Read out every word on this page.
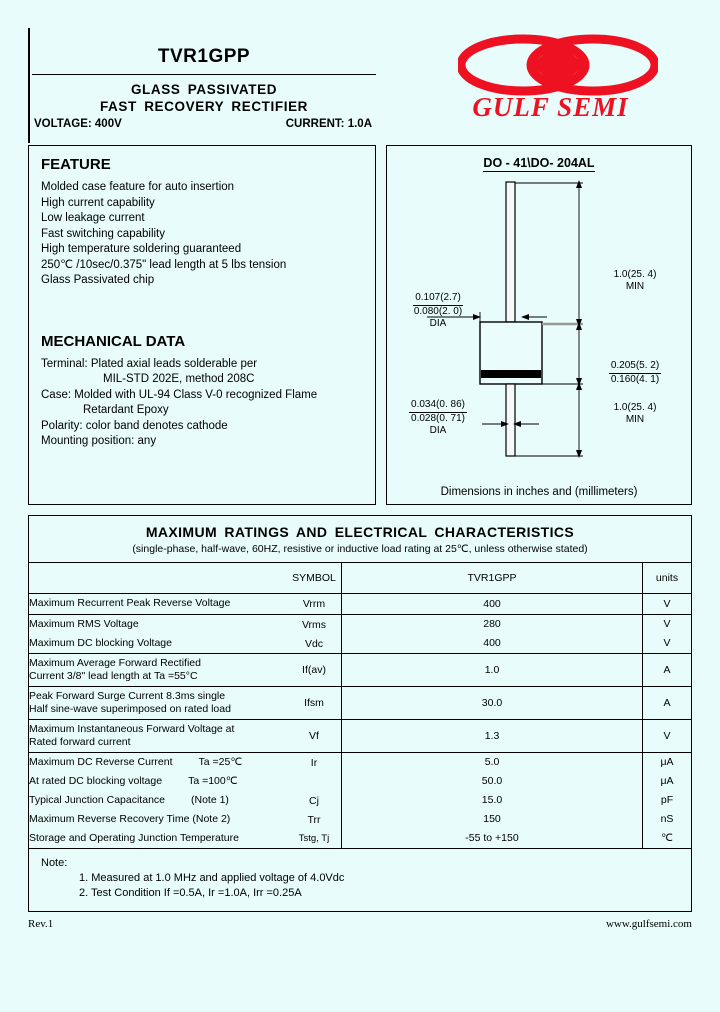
TVR1GPP
GLASS PASSIVATED
FAST RECOVERY RECTIFIER
VOLTAGE: 400V	CURRENT: 1.0A
GULF SEMI
FEATURE
Molded case feature for auto insertion
High current capability
Low leakage current
Fast switching capability
High temperature soldering guaranteed
250℃ /10sec/0.375" lead length at 5 lbs tension
Glass Passivated chip
MECHANICAL DATA
Terminal: Plated axial leads solderable per
MIL-STD 202E, method 208C
Case: Molded with UL-94 Class V-0 recognized Flame
Retardant Epoxy
Polarity: color band denotes cathode
Mounting position: any
DO - 41\DO- 204AL
1.0(25. 4)
MIN
0.205(5. 2)
0.160(4. 1)
1.0(25. 4)
MIN
0.107(2.7)
0.080(2. 0)
DIA
0.034(0. 86)
0.028(0. 71)
DIA
Dimensions in inches and (millimeters)
MAXIMUM RATINGS AND ELECTRICAL CHARACTERISTICS
(single-phase, half-wave, 60HZ, resistive or inductive load rating at 25℃, unless otherwise stated)
	SYMBOL	TVR1GPP	units
Maximum Recurrent Peak Reverse Voltage	Vrrm	400	V
Maximum RMS Voltage	Vrms	280	V
Maximum DC blocking Voltage	Vdc	400	V

Maximum Average Forward Rectified
Current 3/8" lead length at Ta =55°C	If(av)	1.0	A

Peak Forward Surge Current 8.3ms single
Half sine-wave superimposed on rated load	Ifsm	30.0	A

Maximum Instantaneous Forward Voltage at
Rated forward current	Vf	1.3	V
Maximum DC Reverse Current Ta =25℃	Ir	5.0	μA
At rated DC blocking voltage Ta =100℃		50.0	μA
Typical Junction Capacitance (Note 1)	Cj	15.0	pF
Maximum Reverse Recovery Time (Note 2)	Trr	150	nS
Storage and Operating Junction Temperature	Tstg, Tj	-55 to +150	℃
Note:
1. Measured at 1.0 MHz and applied voltage of 4.0Vdc
2. Test Condition If =0.5A, Ir =1.0A, Irr =0.25A
Rev.1	www.gulfsemi.com
